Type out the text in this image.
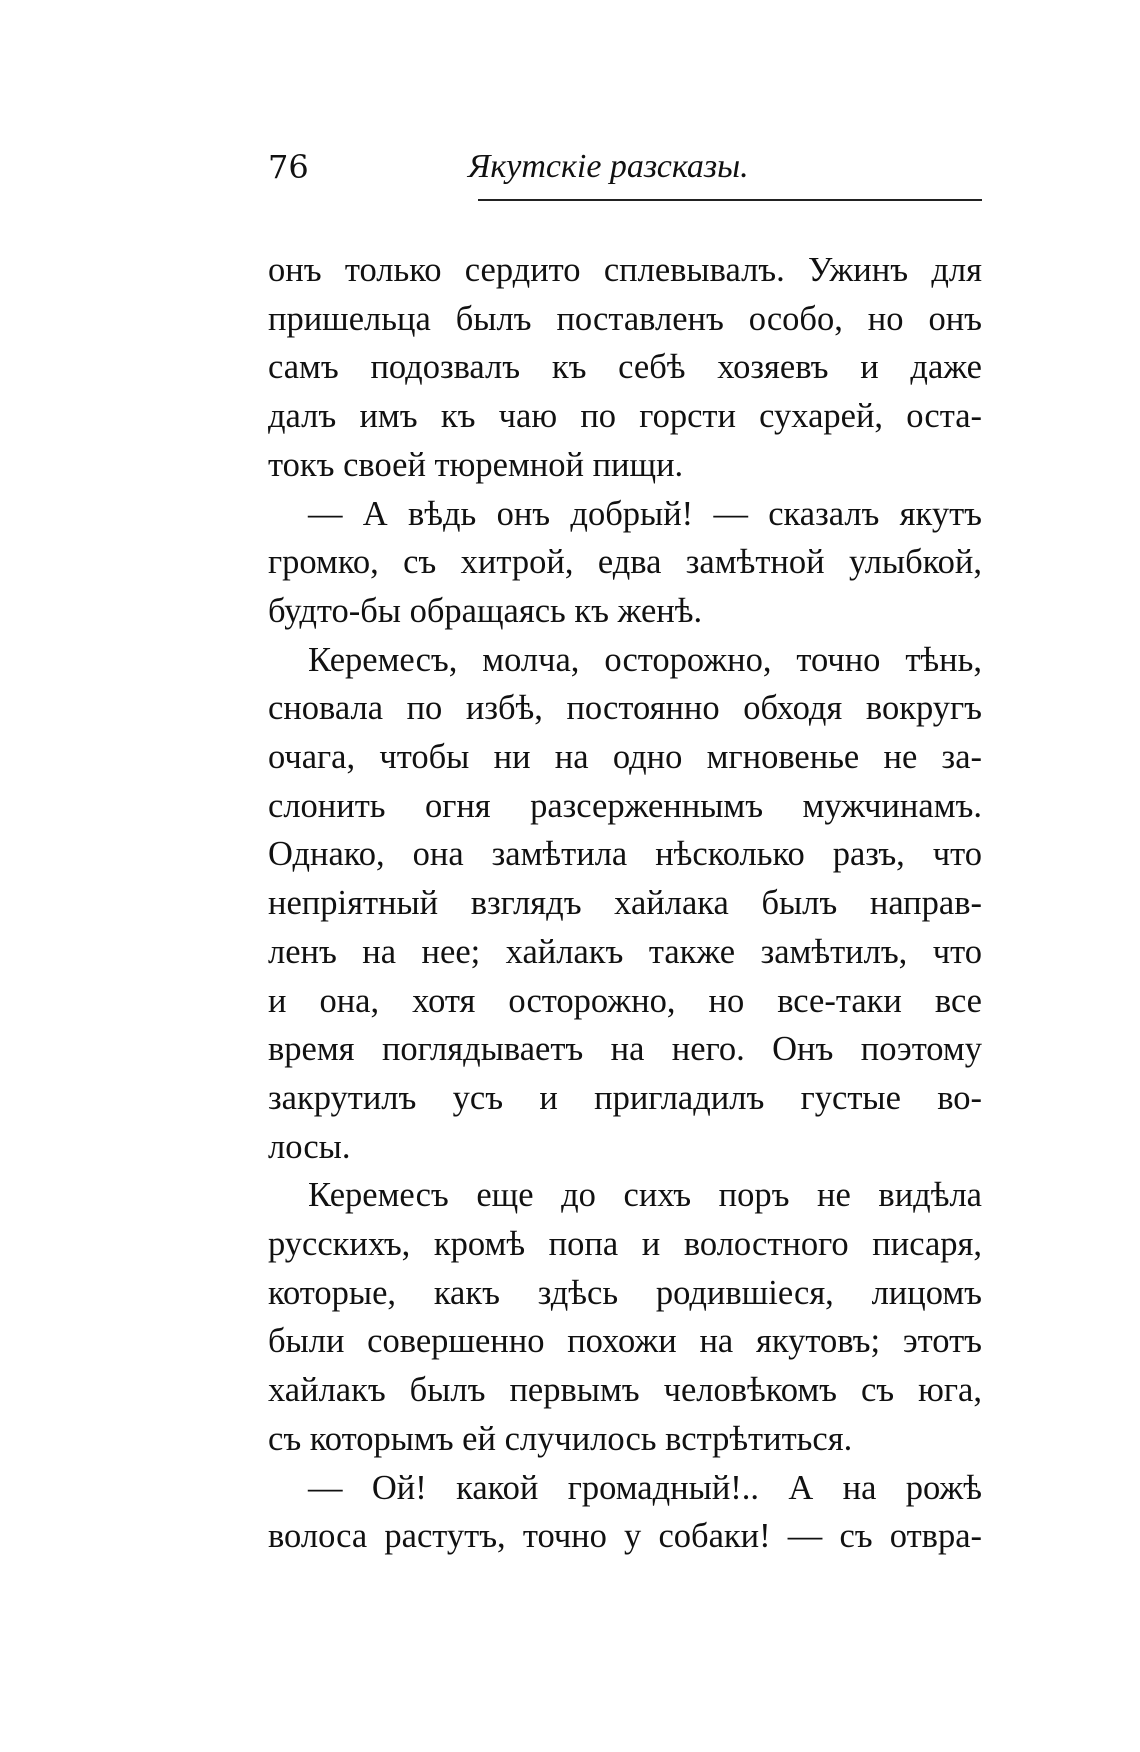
76	Якутскіе разсказы.
онъ только сердито сплевывалъ. Ужинъ для
пришельца былъ поставленъ особо, но онъ
самъ подозвалъ къ себѣ хозяевъ и даже
далъ имъ къ чаю по горсти сухарей, оста-
токъ своей тюремной пищи.
— А вѣдь онъ добрый! — сказалъ якутъ
громко, съ хитрой, едва замѣтной улыбкой,
будто-бы обращаясь къ женѣ.
Керемесъ, молча, осторожно, точно тѣнь,
сновала по избѣ, постоянно обходя вокругъ
очага, чтобы ни на одно мгновенье не за-
слонить огня разсерженнымъ мужчинамъ.
Однако, она замѣтила нѣсколько разъ, что
непріятный взглядъ хайлака былъ направ-
ленъ на нее; хайлакъ также замѣтилъ, что
и она, хотя осторожно, но все-таки все
время поглядываетъ на него. Онъ поэтому
закрутилъ усъ и пригладилъ густые во-
лосы.
Керемесъ еще до сихъ поръ не видѣла
русскихъ, кромѣ попа и волостного писаря,
которые, какъ здѣсь родившіеся, лицомъ
были совершенно похожи на якутовъ; этотъ
хайлакъ былъ первымъ человѣкомъ съ юга,
съ которымъ ей случилось встрѣтиться.
— Ой! какой громадный!.. А на рожѣ
волоса растутъ, точно у собаки! — съ отвра-
